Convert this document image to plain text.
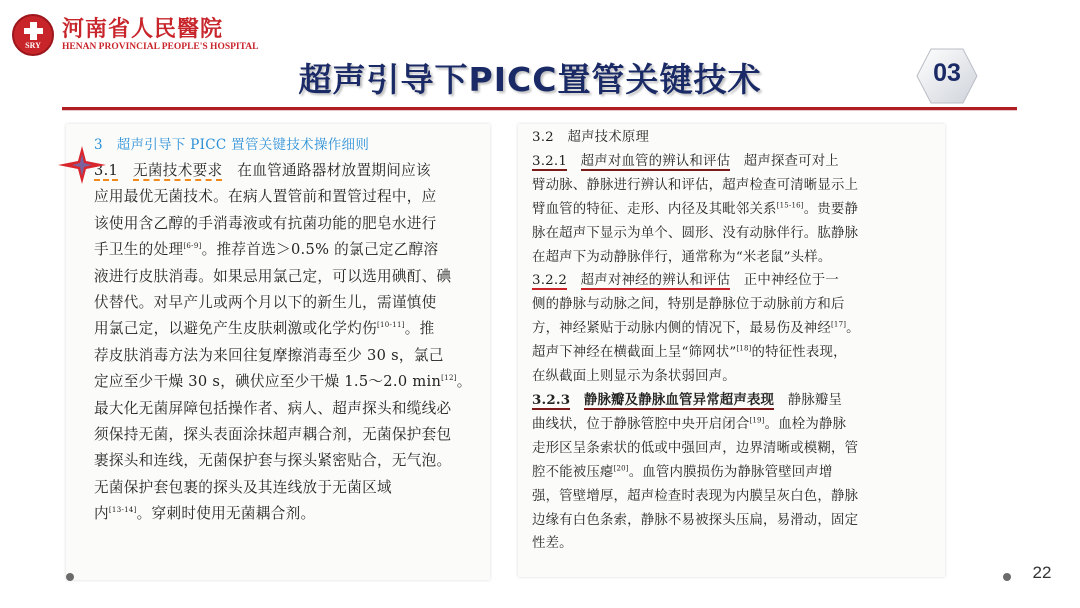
SRY
河南省人民醫院
HENAN PROVINCIAL PEOPLE'S HOSPITAL
超声引导下PICC置管关键技术	03
3　超声引导下 PICC 置管关键技术操作细则
3.1　 无菌技术要求　 在血管通路器材放置期间应该
应用最优无菌技术。在病人置管前和置管过程中，应
该使用含乙醇的手消毒液或有抗菌功能的肥皂水进行
手卫生的处理[6-9]。推荐首选＞0.5% 的氯己定乙醇溶
液进行皮肤消毒。如果忌用氯己定，可以选用碘酊、碘
伏替代。对早产儿或两个月以下的新生儿，需谨慎使
用氯己定，以避免产生皮肤刺激或化学灼伤[10-11]。推
荐皮肤消毒方法为来回往复摩擦消毒至少 30 s，氯己
定应至少干燥 30 s，碘伏应至少干燥 1.5～2.0 min[12]。
最大化无菌屏障包括操作者、病人、超声探头和缆线必
须保持无菌，探头表面涂抹超声耦合剂，无菌保护套包
裹探头和连线，无菌保护套与探头紧密贴合，无气泡。
无菌保护套包裹的探头及其连线放于无菌区域
内[13-14]。穿刺时使用无菌耦合剂。
3.2　超声技术原理
3.2.1　 超声对血管的辨认和评估　 超声探查可对上
臂动脉、静脉进行辨认和评估，超声检查可清晰显示上
臂血管的特征、走形、内径及其毗邻关系[15-16]。贵要静
脉在超声下显示为单个、圆形、没有动脉伴行。肱静脉
在超声下为动静脉伴行，通常称为“米老鼠”头样。
3.2.2　 超声对神经的辨认和评估　 正中神经位于一
侧的静脉与动脉之间，特别是静脉位于动脉前方和后
方，神经紧贴于动脉内侧的情况下，最易伤及神经[17]。
超声下神经在横截面上呈“筛网状”[18]的特征性表现，
在纵截面上则显示为条状弱回声。
3.2.3　 静脉瓣及静脉血管异常超声表现　 静脉瓣呈
曲线状，位于静脉管腔中央开启闭合[19]。血栓为静脉
走形区呈条索状的低或中强回声，边界清晰或模糊，管
腔不能被压瘪[20]。血管内膜损伤为静脉管壁回声增
强，管壁增厚，超声检查时表现为内膜呈灰白色，静脉
边缘有白色条索，静脉不易被探头压扁，易滑动，固定
性差。
22
